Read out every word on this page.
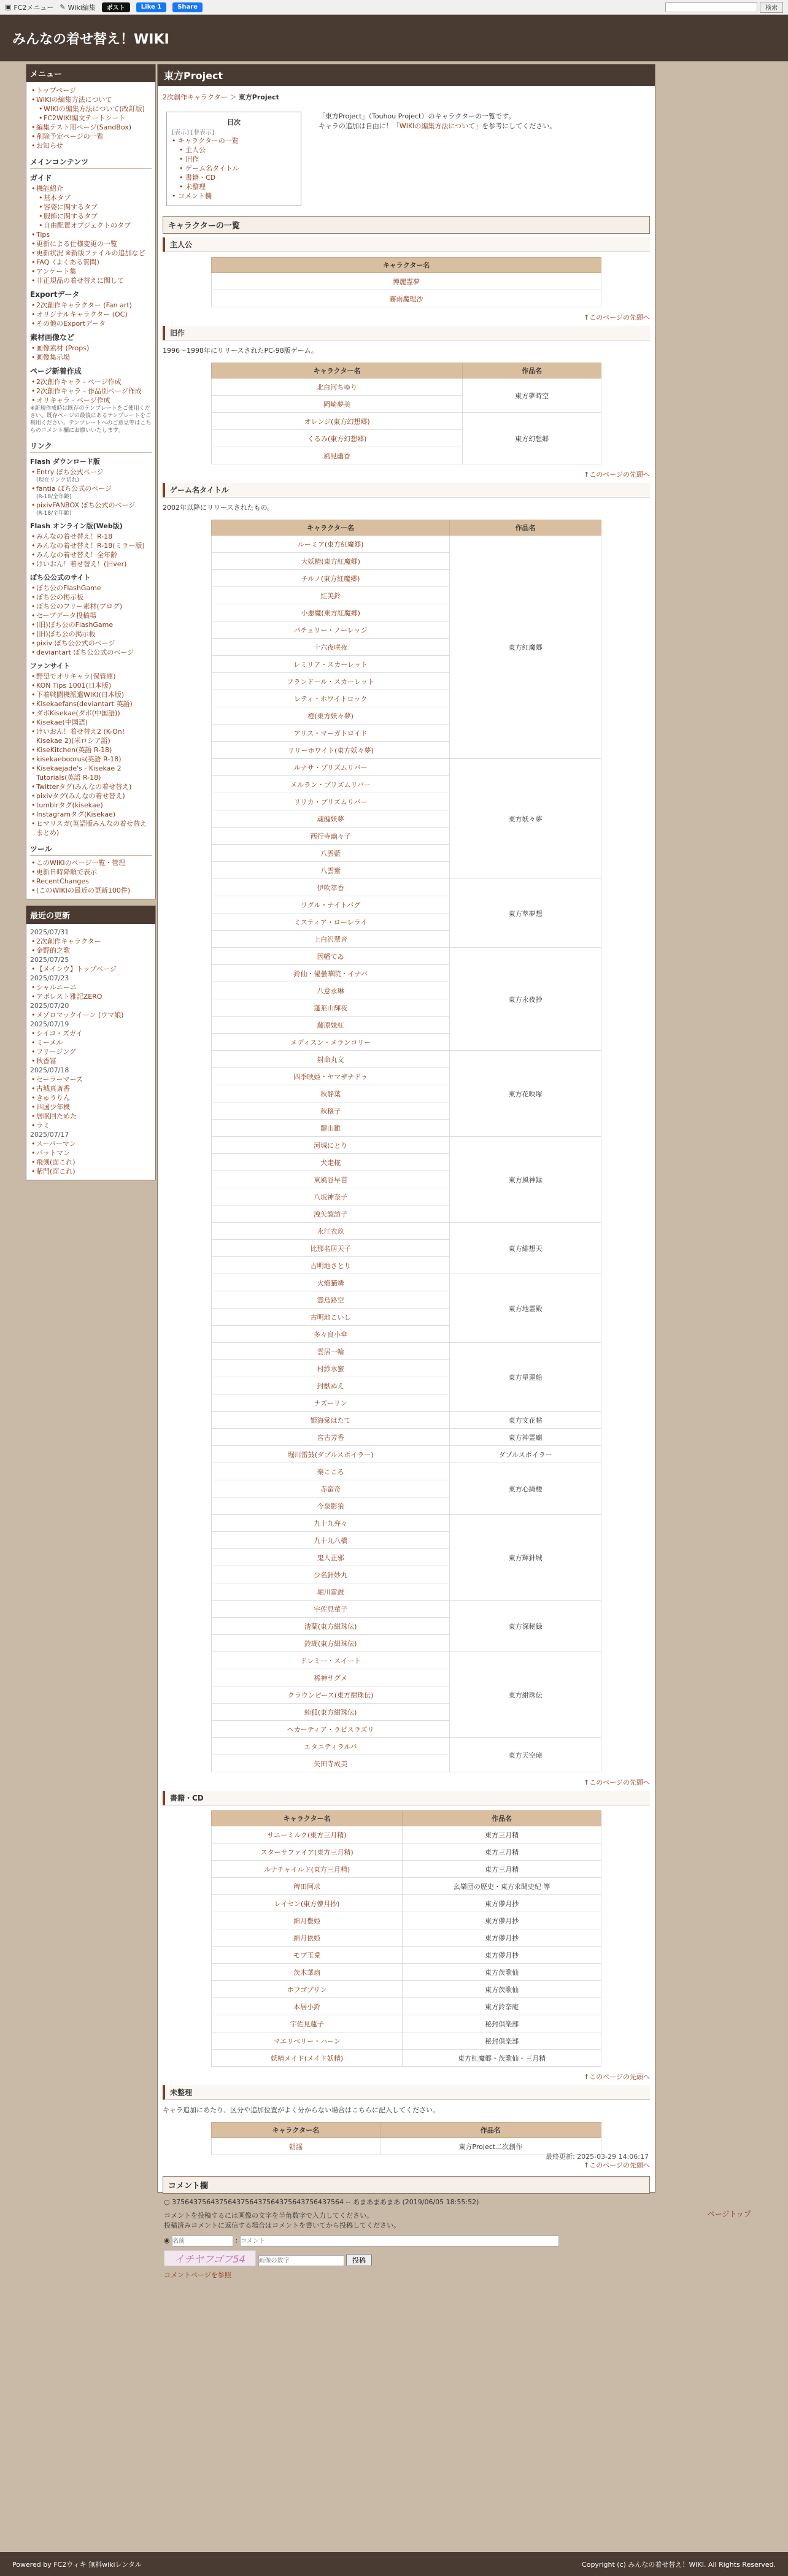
▣ FC2メニュー ✎ Wiki編集	ポスト	Like 1	Share	検索
みんなの着せ替え！WIKI
メニュー
• トップページ
• WIKIの編集方法について
• WIKIの編集方法について(改訂版)
• FC2WIKI編文テートシート
• 編集テスト用ページ(SandBox)
• 削除予定ページの一覧
• お知らせ
メインコンテンツ
ガイド
• 機能紹介
• 基本タブ
• 容姿に関するタブ
• 服飾に関するタブ
• 自由配置オブジェクトのタブ
• Tips
• 更新による仕様変更の一覧
• 更新状況 ※新版ファイルの追加など
• FAQ（よくある質問）
• アンケート集
• 非正規品の着せ替えに関して
Exportデータ
• 2次創作キャラクター (Fan art)
• オリジナルキャラクター (OC)
• その他のExportデータ
素材画像など
• 画像素材 (Props)
• 画像集示場
ページ新着作成
• 2次創作キャラ - ページ作成
• 2次創作キャラ - 作品別ページ作成
• オリキャラ - ページ作成
※新規作成時は既存のテンプレートをご使用ください。既存ページの最後にあるテンプレートをご利用ください。テンプレートへのご意見等はこちらのコメント欄にお願いいたします。
リンク
Flash ダウンロード版
• Entry ぼち公式ページ
(現在リンク切れ)
• fantia ぼち公式のページ
(R-18/全年齢)
• pixivFANBOX ぼち公式のページ
(R-18/全年齢)
Flash オンライン版(Web版)
• みんなの着せ替え！R-18
• みんなの着せ替え！R-18(ミラー版)
• みんなの着せ替え！全年齢
• けいおん！着せ替え！(旧ver)
ぼち公公式のサイト
• ぼち公のFlashGame
• ぼち公の掲示板
• ぼち公のフリー素材(ブログ)
• セーブデータ投稿場
• (旧)ぼち公のFlashGame
• (旧)ぼち公の掲示板
• pixiv ぼち公公式のページ
• deviantart ぼち公公式のページ
ファンサイト
• 野望でオリキャラ(保管庫)
• KON Tips 1001(日本版)
• 下着戦闘機派遣WIKI(日本版)
• Kisekaefans(deviantart 英語)
• ダボKisekae(ダボ(中国語))
• Kisekae(中国語)
• けいおん！着せ替え2 (K-On! Kisekae 2)(米ロシア語)
• KiseKitchen(英語 R-18)
• kisekaeboorus(英語 R-18)
• Kisekaejade's - Kisekae 2 Tutorials(英語 R-18)
• Twitterタグ(みんなの着せ替え)
• pixivタグ(みんなの着せ替え)
• tumblrタグ(kisekae)
• Instagramタグ(Kisekae)
• ヒマリスガ(英語版みんなの着せ替えまとめ)
ツール
• このWIKIのページ一覧・管理
• 更新日時降順で表示
• RecentChanges
• (このWIKIの最近の更新100件)
最近の更新
2025/07/31
• 2次創作キャラクター
• 金野的之歌
2025/07/25
• 【メインウ】トップページ
2025/07/23
• シャルニーニ
• アポレスト雅記ZERO
2025/07/20
• メゾロマックイーン (ウマ娘)
2025/07/19
• シイコ・ズガイ
• ミーメル
• フリージング
• 秋香冨
2025/07/18
• セーラーマーズ
• 古城真斎香
• きゅうりん
• 四国少年機
• 居眠回ためた
• ラミ
2025/07/17
• スーパーマン
• バットマン
• 飛剣(面これ)
• 紫門(面これ)
東方Project
2次創作キャラクター ＞ 東方Project
目次
[表示] [非表示]
• キャラクターの一覧
• 主人公
• 旧作
• ゲーム名タイトル
• 書籍・CD
• 未整理
• コメント欄

「東方Project」（Touhou Project）のキャラクターの一覧です。

キャラの追加は自由に！「WIKIの編集方法について」を参考にしてください。

キャラクターの一覧
主人公
キャラクター名
博麗霊夢
霧雨魔理沙
↑このページの先頭へ
旧作
1996～1998年にリリースされたPC-98版ゲーム。
キャラクター名	作品名
北白河ちゆり	東方夢時空
岡崎夢美	
オレンジ(東方幻想郷)	東方幻想郷
くるみ(東方幻想郷)	
風見幽香	
↑このページの先頭へ
ゲーム名タイトル
2002年以降にリリースされたもの。
キャラクター名	作品名
ルーミア(東方紅魔郷)	東方紅魔郷
大妖精(東方紅魔郷)	
チルノ(東方紅魔郷)	
紅美鈴	
小悪魔(東方紅魔郷)	
パチュリー・ノーレッジ	
十六夜咲夜	
レミリア・スカーレット	
フランドール・スカーレット	
レティ・ホワイトロック	
橙(東方妖々夢)	
アリス・マーガトロイド	
リリーホワイト(東方妖々夢)	
ルナサ・プリズムリバー	東方妖々夢
メルラン・プリズムリバー	
リリカ・プリズムリバー	
魂魄妖夢	
西行寺幽々子	
八雲藍	
八雲紫	
伊吹萃香	東方萃夢想
リグル・ナイトバグ	
ミスティア・ローレライ	
上白沢慧音	
因幡てゐ	東方永夜抄
鈴仙・優曇華院・イナバ	
八意永琳	
蓬莱山輝夜	
藤原妹紅	
メディスン・メランコリー	
射命丸文	東方花映塚
四季映姫・ヤマザナドゥ	
秋静葉	
秋穣子	
鍵山雛	
河城にとり	東方風神録
犬走椛	
東風谷早苗	
八坂神奈子	
洩矢諏訪子	
永江衣玖	東方緋想天
比那名居天子	
古明地さとり	
火焔猫燐	東方地霊殿
霊烏路空	
古明地こいし	
多々良小傘	
雲居一輪	東方星蓮船
村紗水蜜	
封獣ぬえ	
ナズーリン	
姫海棠はたて	東方文花帖
宮古芳香	東方神霊廟
堀川雷鼓(ダブルスポイラー)	ダブルスポイラー
秦こころ	東方心綺楼
赤蛮奇	
今泉影狼	
九十九弁々	東方輝針城
九十九八橋	
鬼人正邪	
少名針妙丸	
堀川雷鼓	
宇佐見菫子	東方深秘録
清蘭(東方紺珠伝)	
鈴瑚(東方紺珠伝)	
ドレミー・スイート	東方紺珠伝
稀神サグメ	
クラウンピース(東方紺珠伝)	
純狐(東方紺珠伝)	
ヘカーティア・ラピスラズリ	
エタニティラルバ	東方天空璋
矢田寺成美	
↑このページの先頭へ
書籍・CD
キャラクター名	作品名
サニーミルク(東方三月精)	東方三月精
スターサファイア(東方三月精)	東方三月精
ルナチャイルド(東方三月精)	東方三月精
稗田阿求	幺樂団の歴史・東方求聞史紀 等
レイセン(東方儚月抄)	東方儚月抄
綿月豊姫	東方儚月抄
綿月依姫	東方儚月抄
モブ玉兎	東方儚月抄
茨木華扇	東方茨歌仙
ホフゴブリン	東方茨歌仙
本居小鈴	東方鈴奈庵
宇佐見蓮子	秘封倶楽部
マエリベリー・ハーン	秘封倶楽部
妖精メイド(メイド妖精)	東方紅魔郷・茨歌仙・三月精
↑このページの先頭へ
未整理
キャラ追加にあたり、区分や追加位置がよく分からない場合はこちらに記入してください。
キャラクター名	作品名
朝謡	東方Project二次創作
↑このページの先頭へ
コメント欄

○ 3756437564375643756437564375643756437564 -- あまあまあまあ (2019/06/05 18:55:52)

コメントを投稿するには画像の文字を半角数字で入力してください。

投稿済みコメントに返信する場合はコメントを書いてから投稿してください。

◉ 名前	: コメント
イチヤフゴフ54 画像の数字	投稿
コメントページを参照
最終更新: 2025-03-29 14:06:17
ページトップ
Powered by FC2ウィキ 無料wikiレンタル	Copyright (c) みんなの着せ替え！WIKI. All Rights Reserved.
